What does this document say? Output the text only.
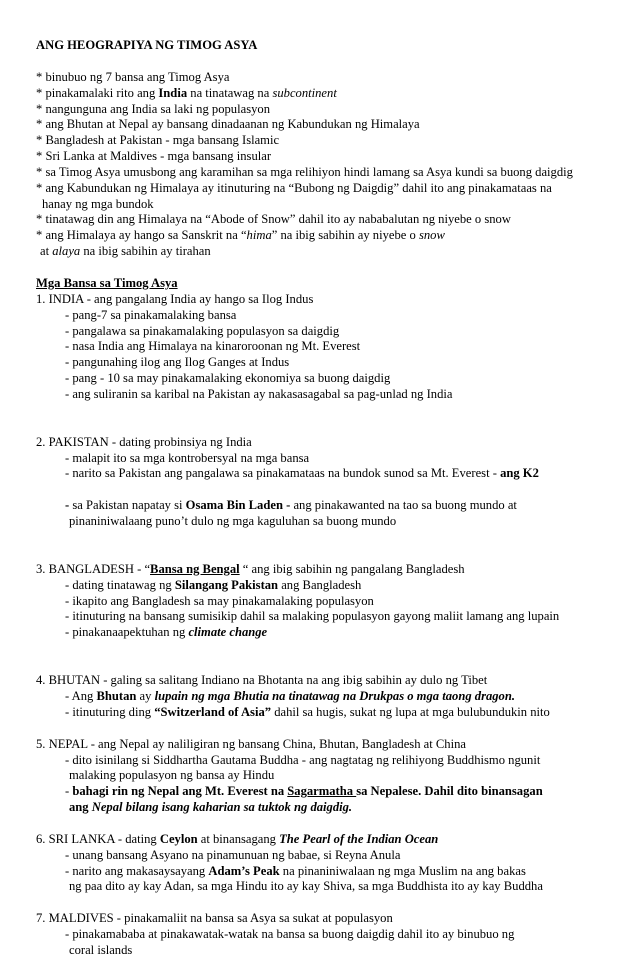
ANG HEOGRAPIYA NG TIMOG ASYA
* binubuo ng 7 bansa ang Timog Asya
* pinakamalaki rito ang India na tinatawag na subcontinent
* nangunguna ang India sa laki ng populasyon
* ang Bhutan at Nepal ay bansang dinadaanan ng Kabundukan ng Himalaya
* Bangladesh at Pakistan - mga bansang Islamic
* Sri Lanka at Maldives - mga bansang insular
* sa Timog Asya umusbong ang karamihan sa mga relihiyon hindi lamang sa Asya kundi sa buong daigdig
* ang Kabundukan ng Himalaya ay itinuturing na “Bubong ng Daigdig” dahil ito ang pinakamataas na
hanay ng mga bundok
* tinatawag din ang Himalaya na “Abode of Snow” dahil ito ay nababalutan ng niyebe o snow
* ang Himalaya ay hango sa Sanskrit na “hima” na ibig sabihin ay niyebe o snow
at alaya na ibig sabihin ay tirahan
Mga Bansa sa Timog Asya
1. INDIA - ang pangalang India ay hango sa Ilog Indus
- pang-7 sa pinakamalaking bansa
- pangalawa sa pinakamalaking populasyon sa daigdig
- nasa India ang Himalaya na kinaroroonan ng Mt. Everest
- pangunahing ilog ang Ilog Ganges at Indus
- pang - 10 sa may pinakamalaking ekonomiya sa buong daigdig
- ang suliranin sa karibal na Pakistan ay nakasasagabal sa pag-unlad ng India
2. PAKISTAN - dating probinsiya ng India
- malapit ito sa mga kontrobersyal na mga bansa
- narito sa Pakistan ang pangalawa sa pinakamataas na bundok sunod sa Mt. Everest - ang K2
- sa Pakistan napatay si Osama Bin Laden - ang pinakawanted na tao sa buong mundo at
pinaniniwalaang puno’t dulo ng mga kaguluhan sa buong mundo
3. BANGLADESH - “Bansa ng Bengal “ ang ibig sabihin ng pangalang Bangladesh
- dating tinatawag ng Silangang Pakistan ang Bangladesh
- ikapito ang Bangladesh sa may pinakamalaking populasyon
- itinuturing na bansang sumisikip dahil sa malaking populasyon gayong maliit lamang ang lupain
- pinakanaapektuhan ng climate change
4. BHUTAN - galing sa salitang Indiano na Bhotanta na ang ibig sabihin ay dulo ng Tibet
- Ang Bhutan ay lupain ng mga Bhutia na tinatawag na Drukpas o mga taong dragon.
- itinuturing ding “Switzerland of Asia” dahil sa hugis, sukat ng lupa at mga bulubundukin nito
5. NEPAL - ang Nepal ay naliligiran ng bansang China, Bhutan, Bangladesh at China
- dito isinilang si Siddhartha Gautama Buddha - ang nagtatag ng relihiyong Buddhismo ngunit
malaking populasyon ng bansa ay Hindu
- bahagi rin ng Nepal ang Mt. Everest na Sagarmatha sa Nepalese. Dahil dito binansagan
ang Nepal bilang isang kaharian sa tuktok ng daigdig.
6. SRI LANKA - dating Ceylon at binansagang The Pearl of the Indian Ocean
- unang bansang Asyano na pinamunuan ng babae, si Reyna Anula
- narito ang makasaysayang Adam’s Peak na pinaniniwalaan ng mga Muslim na ang bakas
ng paa dito ay kay Adan, sa mga Hindu ito ay kay Shiva, sa mga Buddhista ito ay kay Buddha
7. MALDIVES - pinakamaliit na bansa sa Asya sa sukat at populasyon
- pinakamababa at pinakawatak-watak na bansa sa buong daigdig dahil ito ay binubuo ng
coral islands
